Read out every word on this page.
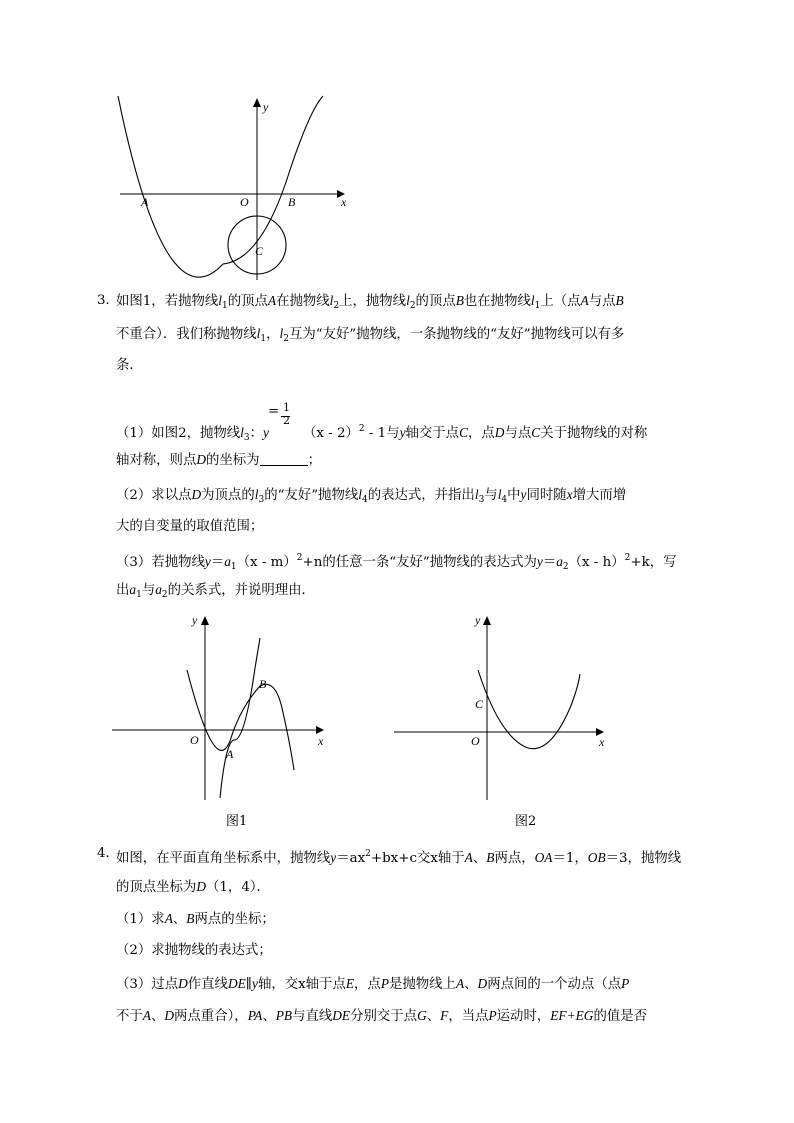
y
x
O
A	B
C
3．
如图1，若抛物线$l_1$的顶点A在抛物线$l_2$上，抛物线$l_2$的顶点B也在抛物线$l_1$上（点A与点B
不重合）．我们称抛物线$l_1$，$l_2$互为“友好”抛物线，一条抛物线的“友好”抛物线可以有多
条．
= 1
2
（1）如图2，抛物线$l_3$：y	（x - 2）$^2$ - 1与y轴交于点C，点D与点C关于抛物线的对称
轴对称，则点D的坐标为	；
（2）求以点D为顶点的$l_3$的“友好”抛物线$l_4$的表达式，并指出$l_3$与$l_4$中y同时随x增大而增
大的自变量的取值范围；
（3）若抛物线$y=a_1(x - m)^2+n$的任意一条“友好”抛物线的表达式为$y=a_2(x - h)^2+k$，写
出$a_1$与$a_2$的关系式，并说明理由．
y
x
O
A
B
图1
y
x
O
C
图2
4．
如图，在平面直角坐标系中，抛物线$y=ax^2+bx+c$交x轴于A、B两点，OA＝1，OB＝3，抛物线
的顶点坐标为D（1，4）．
（1）求A、B两点的坐标；
（2）求抛物线的表达式；
（3）过点D作直线DE∥y轴，交x轴于点E，点P是抛物线上A、D两点间的一个动点（点P
不于A、D两点重合），PA、PB与直线DE分别交于点G、F，当点P运动时，EF+EG的值是否
